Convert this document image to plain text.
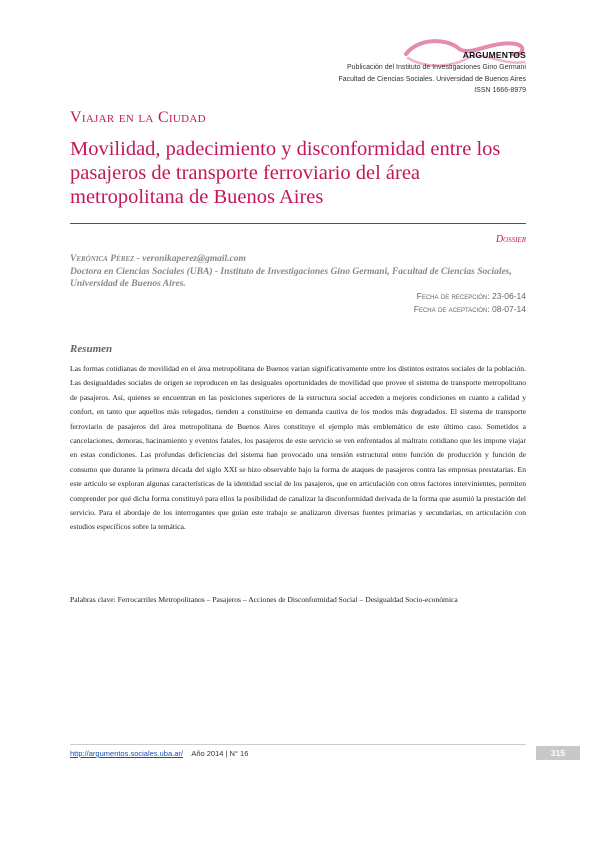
ARGUMENTOS
Publicación del Instituto de Investigaciones Gino Germani
Facultad de Ciencias Sociales. Universidad de Buenos Aires
ISSN 1666-8979
Viajar en la Ciudad
Movilidad, padecimiento y disconformidad entre los pasajeros de transporte ferroviario del área metropolitana de Buenos Aires
Dossier
Verónica Pérez - veronikaperez@gmail.com
Doctora en Ciencias Sociales (UBA) - Instituto de Investigaciones Gino Germani, Facultad de Ciencias Sociales, Universidad de Buenos Aires.
Fecha de recepción: 23-06-14
Fecha de aceptación: 08-07-14
Resumen

Las formas cotidianas de movilidad en el área metropolitana de Buenos varían significativamente entre los distintos estratos sociales de la población. Las desigualdades sociales de origen se reproducen en las desiguales oportunidades de movilidad que provee el sistema de transporte metropolitano de pasajeros. Así, quienes se encuentran en las posiciones superiores de la estructura social acceden a mejores condiciones en cuanto a calidad y confort, en tanto que aquellos más relegados, tienden a constituirse en demanda cautiva de los modos más degradados. El sistema de transporte ferroviario de pasajeros del área metropolitana de Buenos Aires constituye el ejemplo más emblemático de este último caso. Sometidos a cancelaciones, demoras, hacinamiento y eventos fatales, los pasajeros de este servicio se ven enfrentados al maltrato cotidiano que les impone viajar en estas condiciones. Las profundas deficiencias del sistema han provocado una tensión estructural entre función de producción y función de consumo que durante la primera década del siglo XXI se hizo observable bajo la forma de ataques de pasajeros contra las empresas prestatarias. En este artículo se exploran algunas características de la identidad social de los pasajeros, que en articulación con otros factores intervinientes, permiten comprender por qué dicha forma constituyó para ellos la posibilidad de canalizar la disconformidad derivada de la forma que asumió la prestación del servicio. Para el abordaje de los interrogantes que guían este trabajo se analizaron diversas fuentes primarias y secundarias, en articulación con estudios específicos sobre la temática.

Palabras clave: Ferrocarriles Metropolitanos – Pasajeros – Acciones de Disconformidad Social – Desigualdad Socio-económica

http://argumentos.sociales.uba.ar/ Año 2014 | N° 16	315
